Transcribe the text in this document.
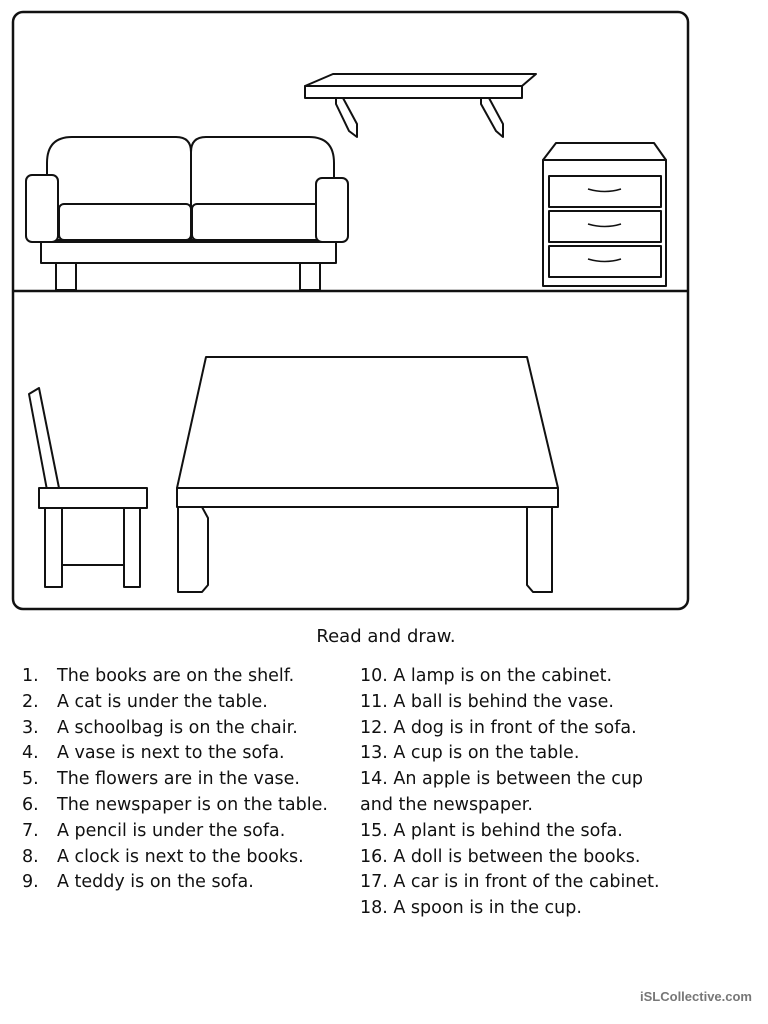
Read and draw.
1.	The books are on the shelf.
2.	A cat is under the table.
3.	A schoolbag is on the chair.
4.	A vase is next to the sofa.
5.	The flowers are in the vase.
6.	The newspaper is on the table.
7.	A pencil is under the sofa.
8.	A clock is next to the books.
9.	A teddy is on the sofa.
10. A lamp is on the cabinet.
11. A ball is behind the vase.
12. A dog is in front of the sofa.
13. A cup is on the table.
14. An apple is between the cup
and the newspaper.
15. A plant is behind the sofa.
16. A doll is between the books.
17. A car is in front of the cabinet.
18. A spoon is in the cup.
iSLCollective.com
